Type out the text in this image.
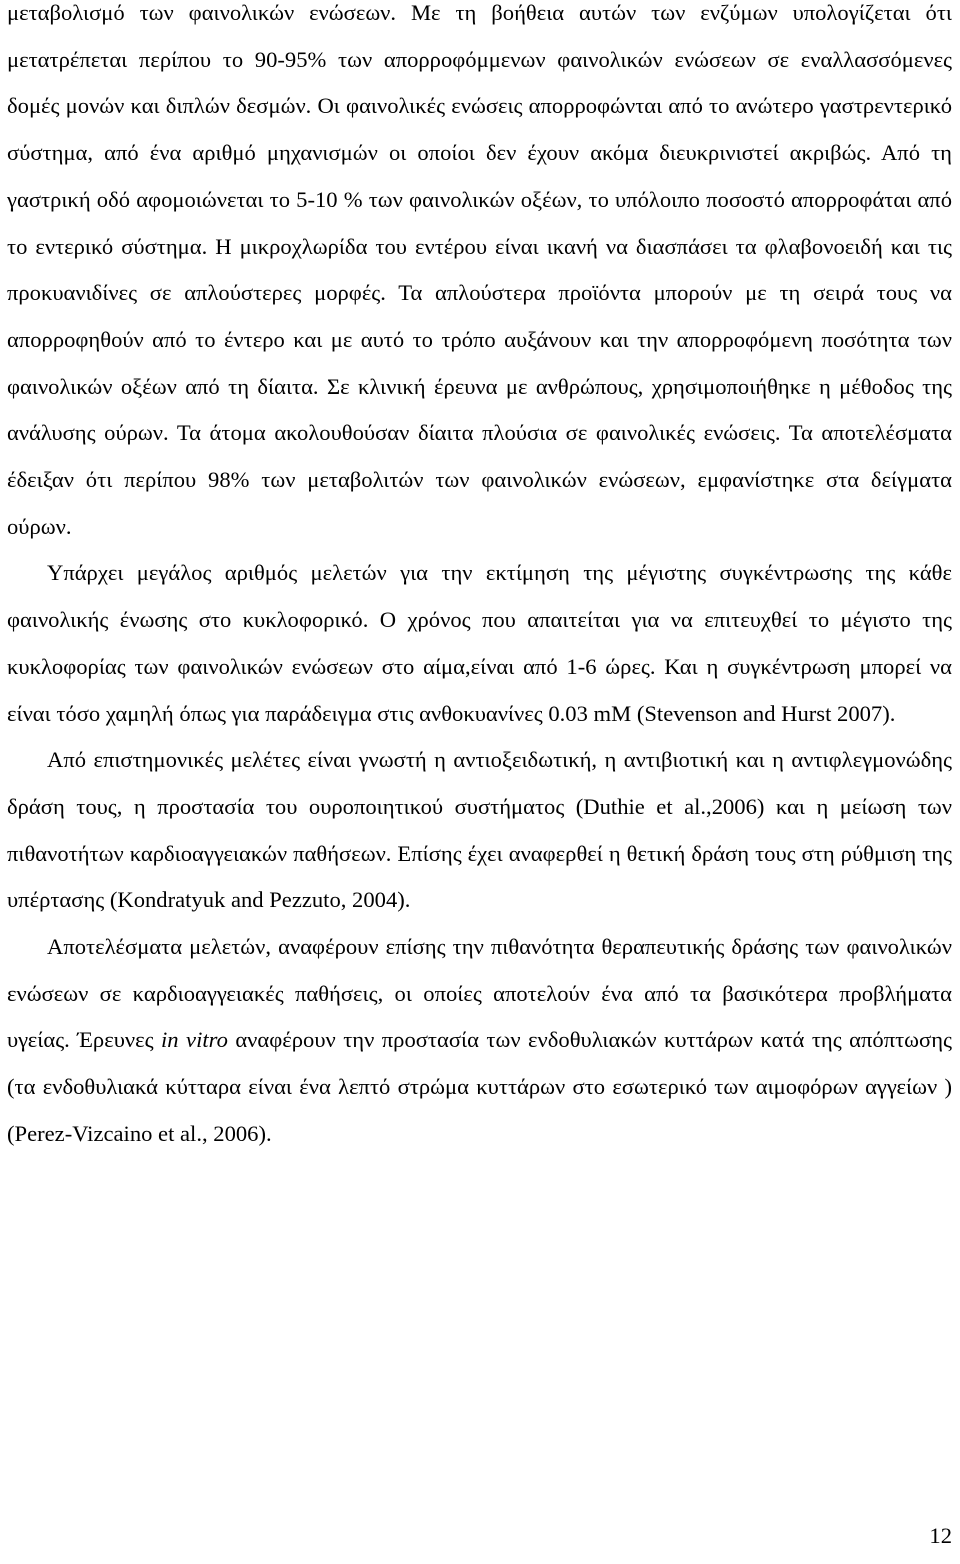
μεταβολισμό των φαινολικών ενώσεων. Με τη βοήθεια αυτών των ενζύμων υπολογίζεται ότι μετατρέπεται περίπου το 90-95% των απορροφόμμενων φαινολικών ενώσεων σε εναλλασσόμενες δομές μονών και διπλών δεσμών. Οι φαινολικές ενώσεις απορροφώνται από το ανώτερο γαστρεντερικό σύστημα, από ένα αριθμό μηχανισμών οι οποίοι δεν έχουν ακόμα διευκρινιστεί ακριβώς. Από τη γαστρική οδό αφομοιώνεται το 5-10 % των φαινολικών οξέων, το υπόλοιπο ποσοστό απορροφάται από το εντερικό σύστημα. Η μικροχλωρίδα του εντέρου είναι ικανή να διασπάσει τα φλαβονοειδή και τις προκυανιδίνες σε απλούστερες μορφές. Τα απλούστερα προϊόντα μπορούν με τη σειρά τους να απορροφηθούν από το έντερο και με αυτό το τρόπο αυξάνουν και την απορροφόμενη ποσότητα των φαινολικών οξέων από τη δίαιτα. Σε κλινική έρευνα με ανθρώπους, χρησιμοποιήθηκε η μέθοδος της ανάλυσης ούρων. Τα άτομα ακολουθούσαν δίαιτα πλούσια σε φαινολικές ενώσεις. Τα αποτελέσματα έδειξαν ότι περίπου 98% των μεταβολιτών των φαινολικών ενώσεων, εμφανίστηκε στα δείγματα ούρων.

Υπάρχει μεγάλος αριθμός μελετών για την εκτίμηση της μέγιστης συγκέντρωσης της κάθε φαινολικής ένωσης στο κυκλοφορικό. Ο χρόνος που απαιτείται για να επιτευχθεί το μέγιστο της κυκλοφορίας των φαινολικών ενώσεων στο αίμα,είναι από 1-6 ώρες. Και η συγκέντρωση μπορεί να είναι τόσο χαμηλή όπως για παράδειγμα στις ανθοκυανίνες 0.03 mM (Stevenson and Hurst 2007).

Από επιστημονικές μελέτες είναι γνωστή η αντιοξειδωτική, η αντιβιοτική και η αντιφλεγμονώδης δράση τους, η προστασία του ουροποιητικού συστήματος (Duthie et al.,2006) και η μείωση των πιθανοτήτων καρδιοαγγειακών παθήσεων. Επίσης έχει αναφερθεί η θετική δράση τους στη ρύθμιση της υπέρτασης (Kondratyuk and Pezzuto, 2004).

Αποτελέσματα μελετών, αναφέρουν επίσης την πιθανότητα θεραπευτικής δράσης των φαινολικών ενώσεων σε καρδιοαγγειακές παθήσεις, οι οποίες αποτελούν ένα από τα βασικότερα προβλήματα υγείας. Έρευνες in vitro αναφέρουν την προστασία των ενδοθυλιακών κυττάρων κατά της απόπτωσης (τα ενδοθυλιακά κύτταρα είναι ένα λεπτό στρώμα κυττάρων στο εσωτερικό των αιμοφόρων αγγείων )(Perez-Vizcaino et al., 2006).

12
